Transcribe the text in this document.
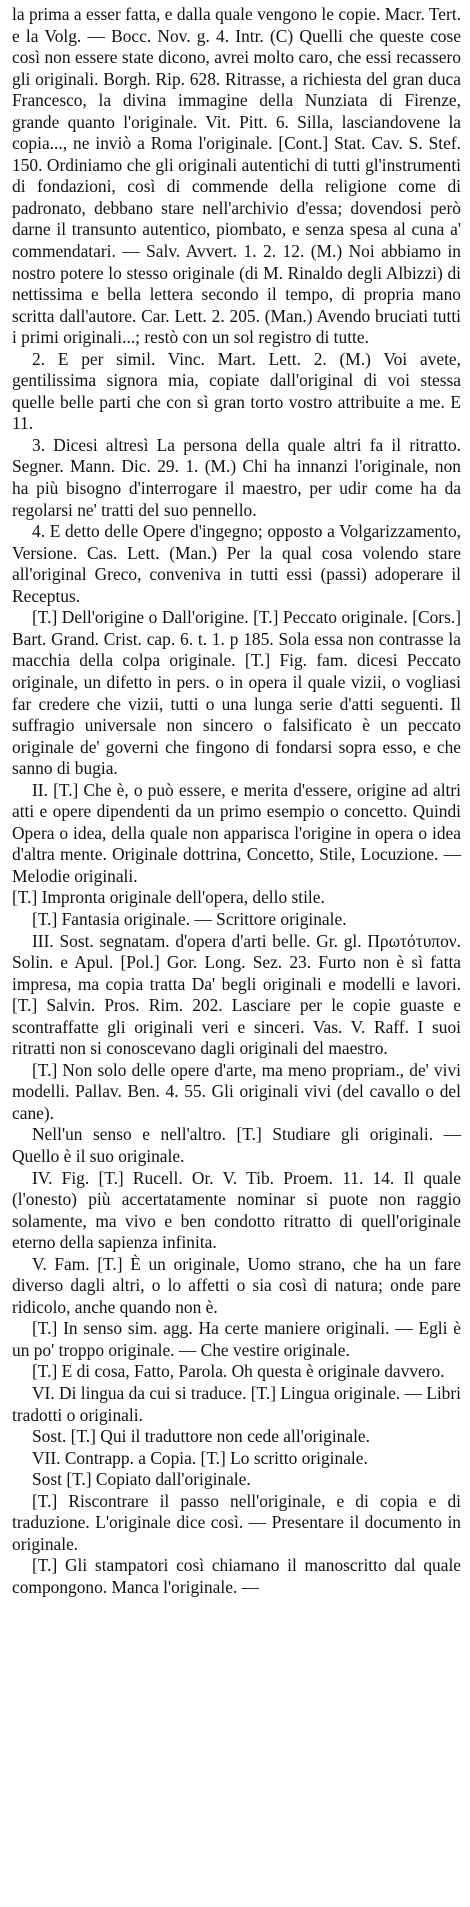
la prima a esser fatta, e dalla quale vengono le copie. Macr. Tert. e la Volg. — Bocc. Nov. g. 4. Intr. (C) Quelli che queste cose così non essere state dicono, avrei molto caro, che essi recassero gli originali. Borgh. Rip. 628. Ritrasse, a richiesta del gran duca Francesco, la divina immagine della Nunziata di Firenze, grande quanto l'originale. Vit. Pitt. 6. Silla, lasciandovene la copia..., ne inviò a Roma l'originale. [Cont.] Stat. Cav. S. Stef. 150. Ordiniamo che gli originali autentichi di tutti gl'instrumenti di fondazioni, così di commende della religione come di padronato, debbano stare nell'archivio d'essa; dovendosi però darne il transunto autentico, piombato, e senza spesa al cuna a' commendatari. — Salv. Avvert. 1. 2. 12. (M.) Noi abbiamo in nostro potere lo stesso originale (di M. Rinaldo degli Albizzi) di nettissima e bella lettera secondo il tempo, di propria mano scritta dall'autore. Car. Lett. 2. 205. (Man.) Avendo bruciati tutti i primi originali...; restò con un sol registro di tutte.

2. E per simil. Vinc. Mart. Lett. 2. (M.) Voi avete, gentilissima signora mia, copiate dall'original di voi stessa quelle belle parti che con sì gran torto vostro attribuite a me. E 11.

3. Dicesi altresì La persona della quale altri fa il ritratto. Segner. Mann. Dic. 29. 1. (M.) Chi ha innanzi l'originale, non ha più bisogno d'interrogare il maestro, per udir come ha da regolarsi ne' tratti del suo pennello.

4. E detto delle Opere d'ingegno; opposto a Volgarizzamento, Versione. Cas. Lett. (Man.) Per la qual cosa volendo stare all'original Greco, conveniva in tutti essi (passi) adoperare il Receptus.

[T.] Dell'origine o Dall'origine. [T.] Peccato originale. [Cors.] Bart. Grand. Crist. cap. 6. t. 1. p 185. Sola essa non contrasse la macchia della colpa originale. [T.] Fig. fam. dicesi Peccato originale, un difetto in pers. o in opera il quale vizii, o vogliasi far credere che vizii, tutti o una lunga serie d'atti seguenti. Il suffragio universale non sincero o falsificato è un peccato originale de' governi che fingono di fondarsi sopra esso, e che sanno di bugia.

II. [T.] Che è, o può essere, e merita d'essere, origine ad altri atti e opere dipendenti da un primo esempio o concetto. Quindi Opera o idea, della quale non apparisca l'origine in opera o idea d'altra mente. Originale dottrina, Concetto, Stile, Locuzione. — Melodie originali.

[T.] Impronta originale dell'opera, dello stile.
[T.] Fantasia originale. — Scrittore originale.

III. Sost. segnatam. d'opera d'arti belle. Gr. gl. Πρωτότυπον. Solin. e Apul. [Pol.] Gor. Long. Sez. 23. Furto non è sì fatta impresa, ma copia tratta Da' begli originali e modelli e lavori. [T.] Salvin. Pros. Rim. 202. Lasciare per le copie guaste e scontraffatte gli originali veri e sinceri. Vas. V. Raff. I suoi ritratti non si conoscevano dagli originali del maestro.

[T.] Non solo delle opere d'arte, ma meno propriam., de' vivi modelli. Pallav. Ben. 4. 55. Gli originali vivi (del cavallo o del cane).

Nell'un senso e nell'altro. [T.] Studiare gli originali. — Quello è il suo originale.

IV. Fig. [T.] Rucell. Or. V. Tib. Proem. 11. 14. Il quale (l'onesto) più accertatamente nominar si puote non raggio solamente, ma vivo e ben condotto ritratto di quell'originale eterno della sapienza infinita.

V. Fam. [T.] È un originale, Uomo strano, che ha un fare diverso dagli altri, o lo affetti o sia così di natura; onde pare ridicolo, anche quando non è.

[T.] In senso sim. agg. Ha certe maniere originali. — Egli è un po' troppo originale. — Che vestire originale.

[T.] E di cosa, Fatto, Parola. Oh questa è originale davvero.

VI. Di lingua da cui si traduce. [T.] Lingua originale. — Libri tradotti o originali.

Sost. [T.] Qui il traduttore non cede all'originale.

VII. Contrapp. a Copia. [T.] Lo scritto originale.

Sost [T.] Copiato dall'originale.

[T.] Riscontrare il passo nell'originale, e di copia e di traduzione. L'originale dice così. — Presentare il documento in originale.

[T.] Gli stampatori così chiamano il manoscritto dal quale compongono. Manca l'originale. —
